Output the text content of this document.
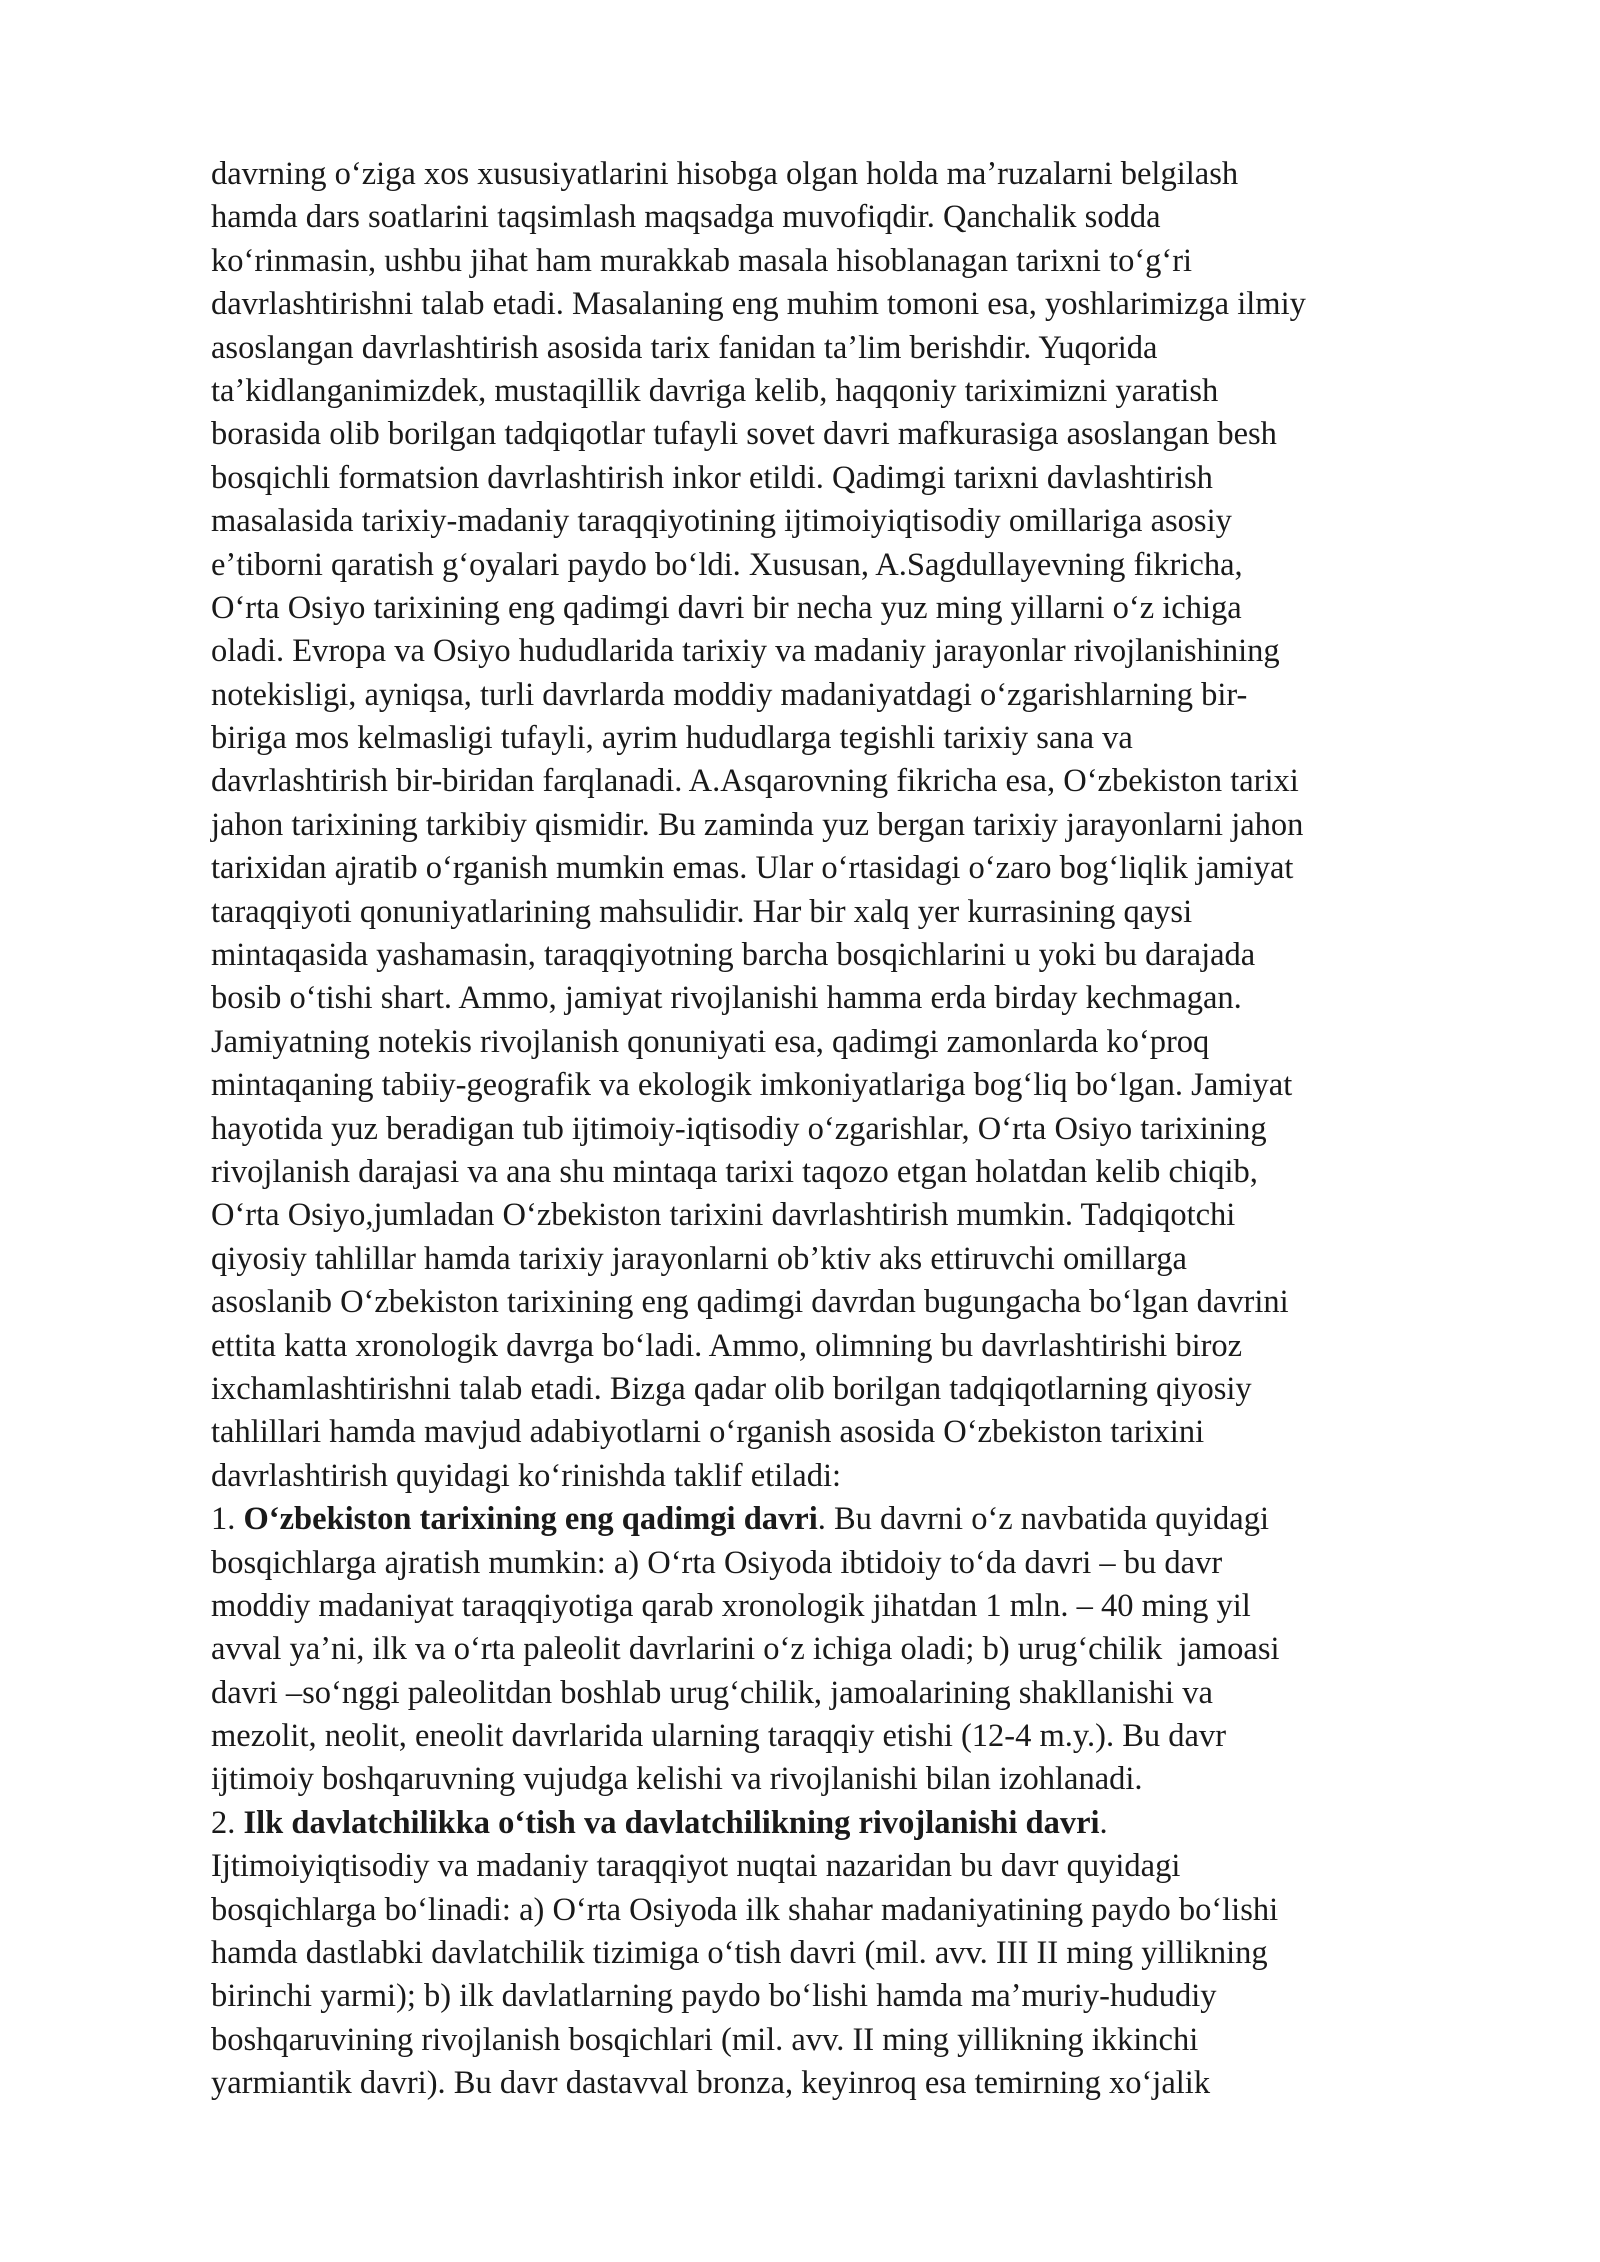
davrning oʻziga xos xususiyatlarini hisobga olgan holda maʼruzalarni belgilash
hamda dars soatlarini taqsimlash maqsadga muvofiqdir. Qanchalik sodda
koʻrinmasin, ushbu jihat ham murakkab masala hisoblanagan tarixni toʻgʻri
davrlashtirishni talab etadi. Masalaning eng muhim tomoni esa, yoshlarimizga ilmiy
asoslangan davrlashtirish asosida tarix fanidan taʼlim berishdir. Yuqorida
taʼkidlanganimizdek, mustaqillik davriga kelib, haqqoniy tariximizni yaratish
borasida olib borilgan tadqiqotlar tufayli sovet davri mafkurasiga asoslangan besh
bosqichli formatsion davrlashtirish inkor etildi. Qadimgi tarixni davlashtirish
masalasida tarixiy-madaniy taraqqiyotining ijtimoiyiqtisodiy omillariga asosiy
eʼtiborni qaratish gʻoyalari paydo boʻldi. Xususan, A.Sagdullayevning fikricha,
Oʻrta Osiyo tarixining eng qadimgi davri bir necha yuz ming yillarni oʻz ichiga
oladi. Evropa va Osiyo hududlarida tarixiy va madaniy jarayonlar rivojlanishining
notekisligi, ayniqsa, turli davrlarda moddiy madaniyatdagi oʻzgarishlarning bir-
biriga mos kelmasligi tufayli, ayrim hududlarga tegishli tarixiy sana va
davrlashtirish bir-biridan farqlanadi. A.Asqarovning fikricha esa, Oʻzbekiston tarixi
jahon tarixining tarkibiy qismidir. Bu zaminda yuz bergan tarixiy jarayonlarni jahon
tarixidan ajratib oʻrganish mumkin emas. Ular oʻrtasidagi oʻzaro bogʻliqlik jamiyat
taraqqiyoti qonuniyatlarining mahsulidir. Har bir xalq yer kurrasining qaysi
mintaqasida yashamasin, taraqqiyotning barcha bosqichlarini u yoki bu darajada
bosib oʻtishi shart. Ammo, jamiyat rivojlanishi hamma erda birday kechmagan.
Jamiyatning notekis rivojlanish qonuniyati esa, qadimgi zamonlarda koʻproq
mintaqaning tabiiy-geografik va ekologik imkoniyatlariga bogʻliq boʻlgan. Jamiyat
hayotida yuz beradigan tub ijtimoiy-iqtisodiy oʻzgarishlar, Oʻrta Osiyo tarixining
rivojlanish darajasi va ana shu mintaqa tarixi taqozo etgan holatdan kelib chiqib,
Oʻrta Osiyo,jumladan Oʻzbekiston tarixini davrlashtirish mumkin. Tadqiqotchi
qiyosiy tahlillar hamda tarixiy jarayonlarni obʼktiv aks ettiruvchi omillarga
asoslanib Oʻzbekiston tarixining eng qadimgi davrdan bugungacha boʻlgan davrini
ettita katta xronologik davrga boʻladi. Ammo, olimning bu davrlashtirishi biroz
ixchamlashtirishni talab etadi. Bizga qadar olib borilgan tadqiqotlarning qiyosiy
tahlillari hamda mavjud adabiyotlarni oʻrganish asosida Oʻzbekiston tarixini
davrlashtirish quyidagi koʻrinishda taklif etiladi:
1. Oʻzbekiston tarixining eng qadimgi davri. Bu davrni oʻz navbatida quyidagi
bosqichlarga ajratish mumkin: a) Oʻrta Osiyoda ibtidoiy toʻda davri – bu davr
moddiy madaniyat taraqqiyotiga qarab xronologik jihatdan 1 mln. – 40 ming yil
avval yaʼni, ilk va oʻrta paleolit davrlarini oʻz ichiga oladi; b) urugʻchilik  jamoasi
davri –soʻnggi paleolitdan boshlab urugʻchilik, jamoalarining shakllanishi va
mezolit, neolit, eneolit davrlarida ularning taraqqiy etishi (12-4 m.y.). Bu davr
ijtimoiy boshqaruvning vujudga kelishi va rivojlanishi bilan izohlanadi.
2. Ilk davlatchilikka oʻtish va davlatchilikning rivojlanishi davri.
Ijtimoiyiqtisodiy va madaniy taraqqiyot nuqtai nazaridan bu davr quyidagi
bosqichlarga boʻlinadi: a) Oʻrta Osiyoda ilk shahar madaniyatining paydo boʻlishi
hamda dastlabki davlatchilik tizimiga oʻtish davri (mil. avv. III II ming yillikning
birinchi yarmi); b) ilk davlatlarning paydo boʻlishi hamda maʼmuriy-hududiy
boshqaruvining rivojlanish bosqichlari (mil. avv. II ming yillikning ikkinchi
yarmiantik davri). Bu davr dastavval bronza, keyinroq esa temirning xoʻjalik
